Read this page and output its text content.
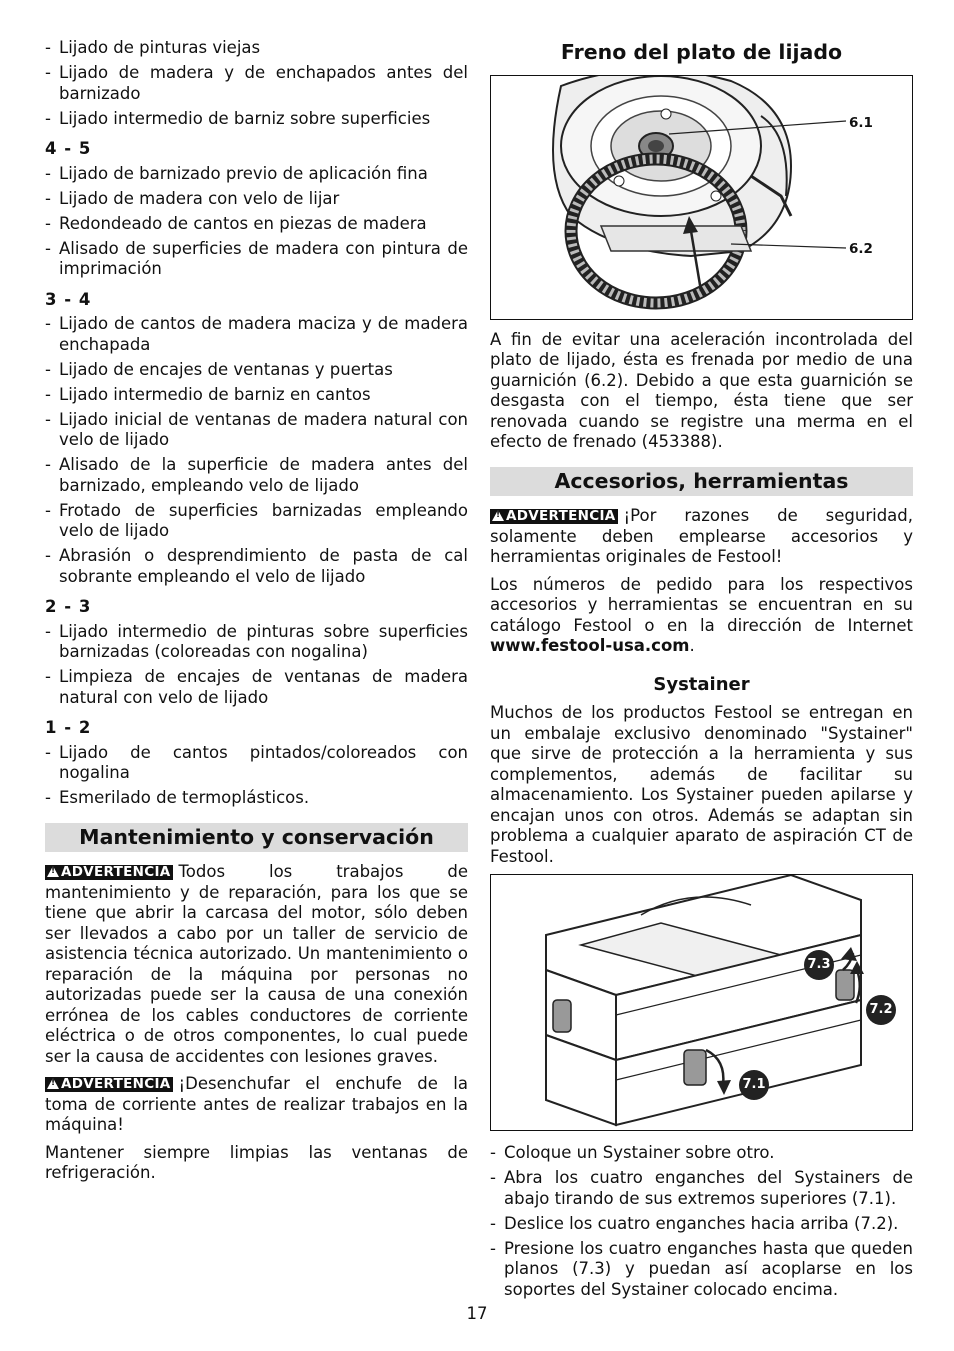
- Lijado de pinturas viejas
- Lijado de madera y de enchapados antes del barnizado
- Lijado intermedio de barniz sobre superficies
4 - 5
- Lijado de barnizado previo de aplicación fina
- Lijado de madera con velo de lijar
- Redondeado de cantos en piezas de madera
- Alisado de superficies de madera con pintura de imprimación
3 - 4
- Lijado de cantos de madera maciza y de madera enchapada
- Lijado de encajes de ventanas y puertas
- Lijado intermedio de barniz en cantos
- Lijado inicial de ventanas de madera natural con velo de lijado
- Alisado de la superficie de madera antes del barnizado, empleando velo de lijado
- Frotado de superficies barnizadas empleando velo de lijado
- Abrasión o desprendimiento de pasta de cal sobrante empleando el velo de lijado
2 - 3
- Lijado intermedio de pinturas sobre superficies barnizadas (coloreadas con nogalina)
- Limpieza de encajes de ventanas de madera natural con velo de lijado
1 - 2
- Lijado de cantos pintados/coloreados con nogalina
- Esmerilado de termoplásticos.
Mantenimiento y conservación

!ADVERTENCIA Todos los trabajos de mantenimiento y de reparación, para los que se tiene que abrir la carcasa del motor, sólo deben ser llevados a cabo por un taller de servicio de asistencia técnica autorizado. Un mantenimiento o reparación de la máquina por personas no autorizadas puede ser la causa de una conexión errónea de los cables conductores de corriente eléctrica o de otros componentes, lo cual puede ser la causa de accidentes con lesiones graves.

!ADVERTENCIA ¡Desenchufar el enchufe de la toma de corriente antes de realizar trabajos en la máquina!

Mantener siempre limpias las ventanas de refrigeración.

Freno del plato de lijado
6.1
6.2

A fin de evitar una aceleración incontrolada del plato de lijado, ésta es frenada por medio de una guarnición (6.2). Debido a que esta guarnición se desgasta con el tiempo, ésta tiene que ser renovada cuando se registre una merma en el efecto de frenado (453388).

Accesorios, herramientas

!ADVERTENCIA ¡Por razones de seguridad, solamente deben emplearse accesorios y herramientas originales de Festool!

Los números de pedido para los respectivos accesorios y herramientas se encuentran en su catálogo Festool o en la dirección de Internet www.festool-usa.com.

Systainer

Muchos de los productos Festool se entregan en un embalaje exclusivo denominado "Systainer" que sirve de protección a la herramienta y sus complementos, además de facilitar su almacenamiento. Los Systainer pueden apilarse y encajan unos con otros. Además se adaptan sin problema a cualquier aparato de aspiración CT de Festool.

7.3
7.2
7.1
- Coloque un Systainer sobre otro.
- Abra los cuatro enganches del Systainers de abajo tirando de sus extremos superiores (7.1).
- Deslice los cuatro enganches hacia arriba (7.2).
- Presione los cuatro enganches hasta que queden planos (7.3) y puedan así acoplarse en los soportes del Systainer colocado encima.
17
